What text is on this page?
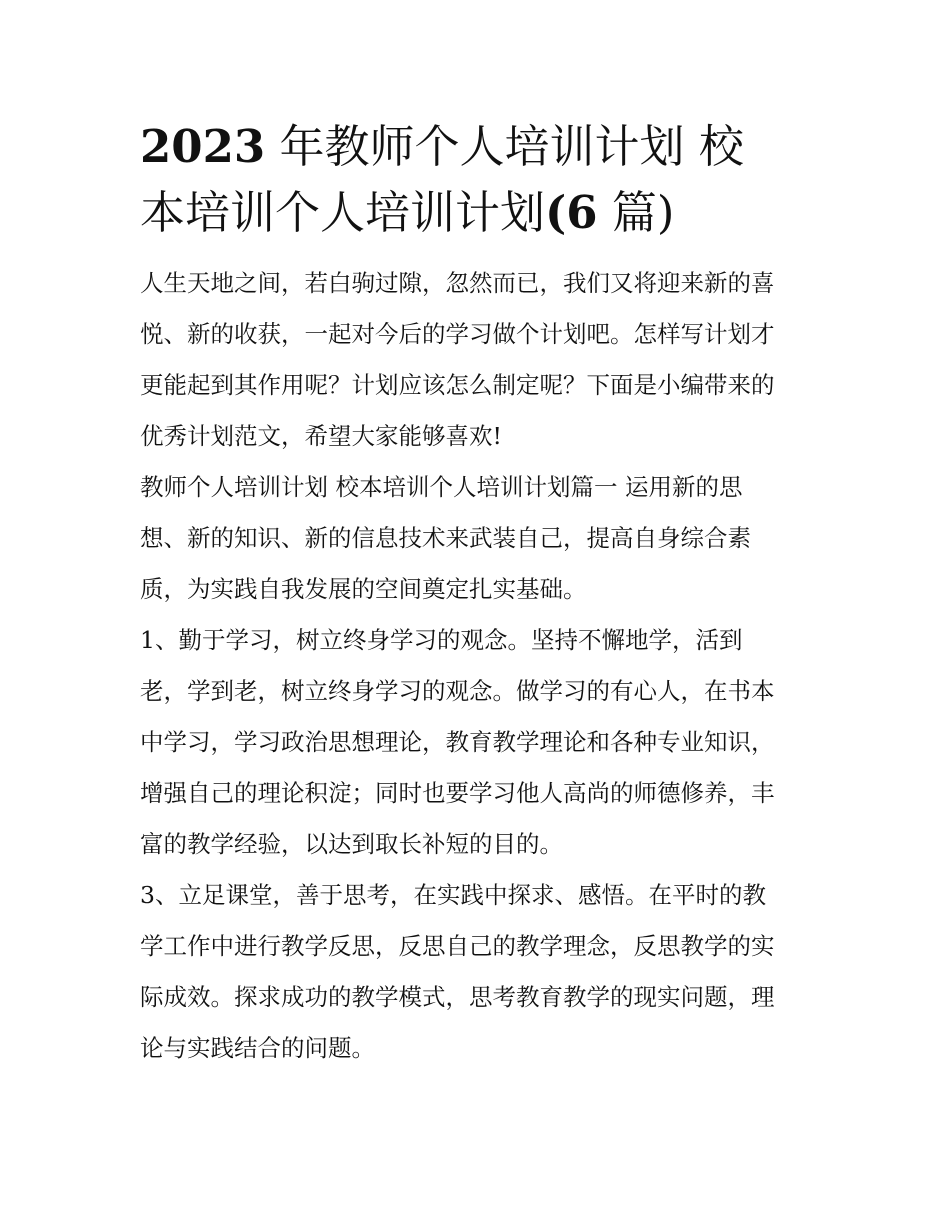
2023 年教师个人培训计划 校
本培训个人培训计划(6 篇)

人生天地之间，若白驹过隙，忽然而已，我们又将迎来新的喜
悦、新的收获，一起对今后的学习做个计划吧。怎样写计划才
更能起到其作用呢？计划应该怎么制定呢？下面是小编带来的
优秀计划范文，希望大家能够喜欢!

教师个人培训计划 校本培训个人培训计划篇一 运用新的思
想、新的知识、新的信息技术来武装自己，提高自身综合素
质，为实践自我发展的空间奠定扎实基础。

1、勤于学习，树立终身学习的观念。坚持不懈地学，活到
老，学到老，树立终身学习的观念。做学习的有心人，在书本
中学习，学习政治思想理论，教育教学理论和各种专业知识，
增强自己的理论积淀；同时也要学习他人高尚的师德修养，丰
富的教学经验，以达到取长补短的目的。

3、立足课堂，善于思考，在实践中探求、感悟。在平时的教
学工作中进行教学反思，反思自己的教学理念，反思教学的实
际成效。探求成功的教学模式，思考教育教学的现实问题，理
论与实践结合的问题。
